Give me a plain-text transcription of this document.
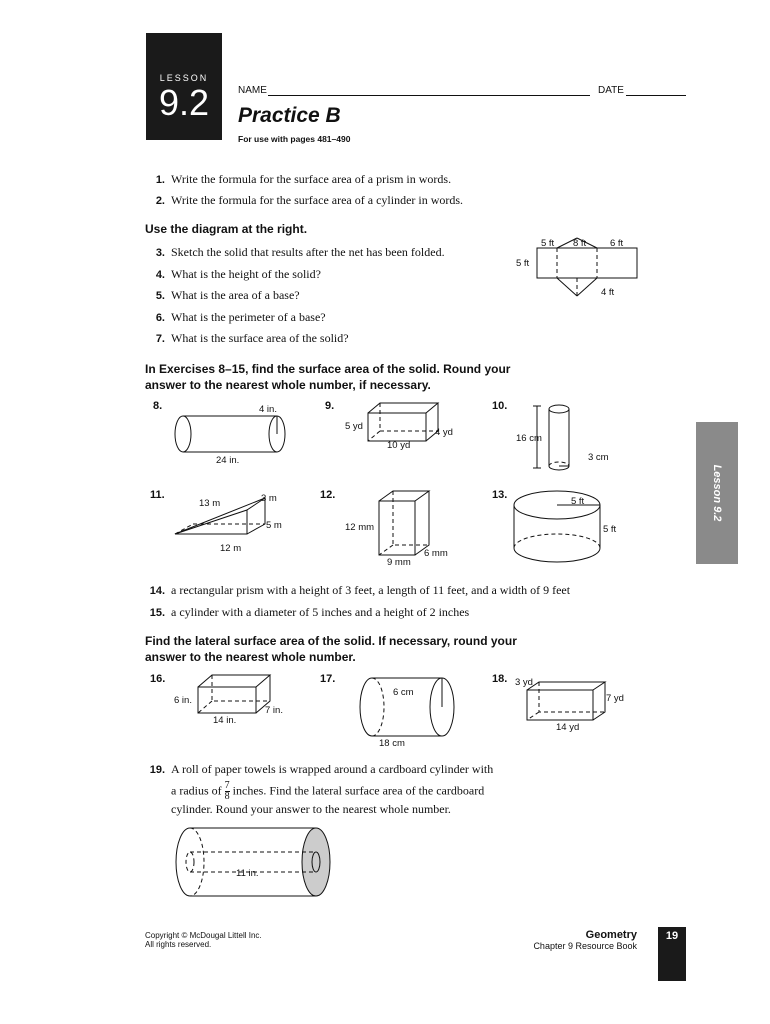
LESSON
9.2	NAME	DATE
Practice B
For use with pages 481–490
1. Write the formula for the surface area of a prism in words.
2. Write the formula for the surface area of a cylinder in words.
Use the diagram at the right.
3. Sketch the solid that results after the net has been folded.
4. What is the height of the solid?
5. What is the area of a base?
6. What is the perimeter of a base?
7. What is the surface area of the solid?
5 ft 8 ft	6 ft
5 ft
4 ft
In Exercises 8–15, find the surface area of the solid. Round your
answer to the nearest whole number, if necessary.
8.	4 in.
24 in.
9.
5 yd
10 yd
4 yd
10.
16 cm
3 cm
11.
13 m	3 m
5 m
12 m
12.
12 mm
9 mm
6 mm
13.
5 ft
5 ft
14. a rectangular prism with a height of 3 feet, a length of 11 feet, and a width of 9 feet
15. a cylinder with a diameter of 5 inches and a height of 2 inches
Find the lateral surface area of the solid. If necessary, round your
answer to the nearest whole number.
16.
6 in.
7 in.
14 in.
17.
6 cm
18 cm
18. 3 yd
7 yd
14 yd
19. A roll of paper towels is wrapped around a cardboard cylinder with
a radius of $\frac{7}{8}$ inches. Find the lateral surface area of the cardboard
cylinder. Round your answer to the nearest whole number.
11 in.
Lesson 9.2
Copyright © McDougal Littell Inc.
All rights reserved.
Geometry
Chapter 9 Resource Book
19
